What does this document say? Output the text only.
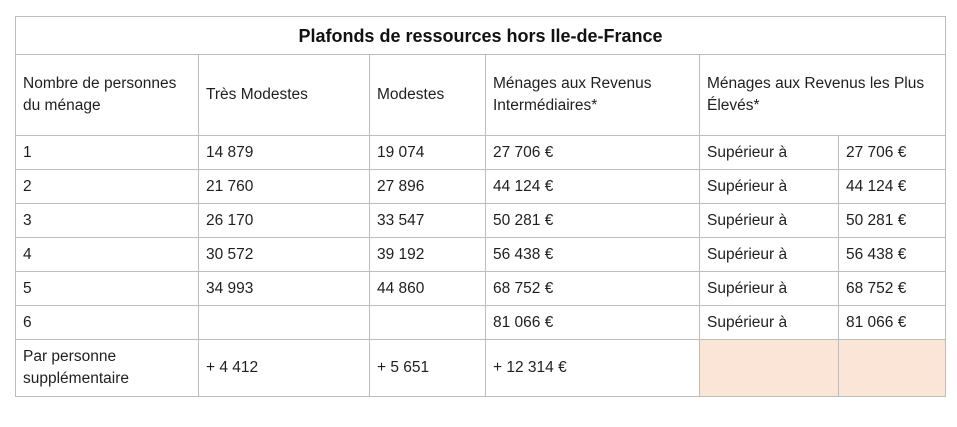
Plafonds de ressources hors Ile-de-France					
Nombre de personnes du ménage	Très Modestes	Modestes	Ménages aux Revenus Intermédiaires*	Ménages aux Revenus les Plus Élevés*	
1	14 879	19 074	27 706 €	Supérieur à	27 706 €
2	21 760	27 896	44 124 €	Supérieur à	44 124 €
3	26 170	33 547	50 281 €	Supérieur à	50 281 €
4	30 572	39 192	56 438 €	Supérieur à	56 438 €
5	34 993	44 860	68 752 €	Supérieur à	68 752 €
6			81 066 €	Supérieur à	81 066 €
Par personne supplémentaire	+ 4 412	+ 5 651	+ 12 314 €		
